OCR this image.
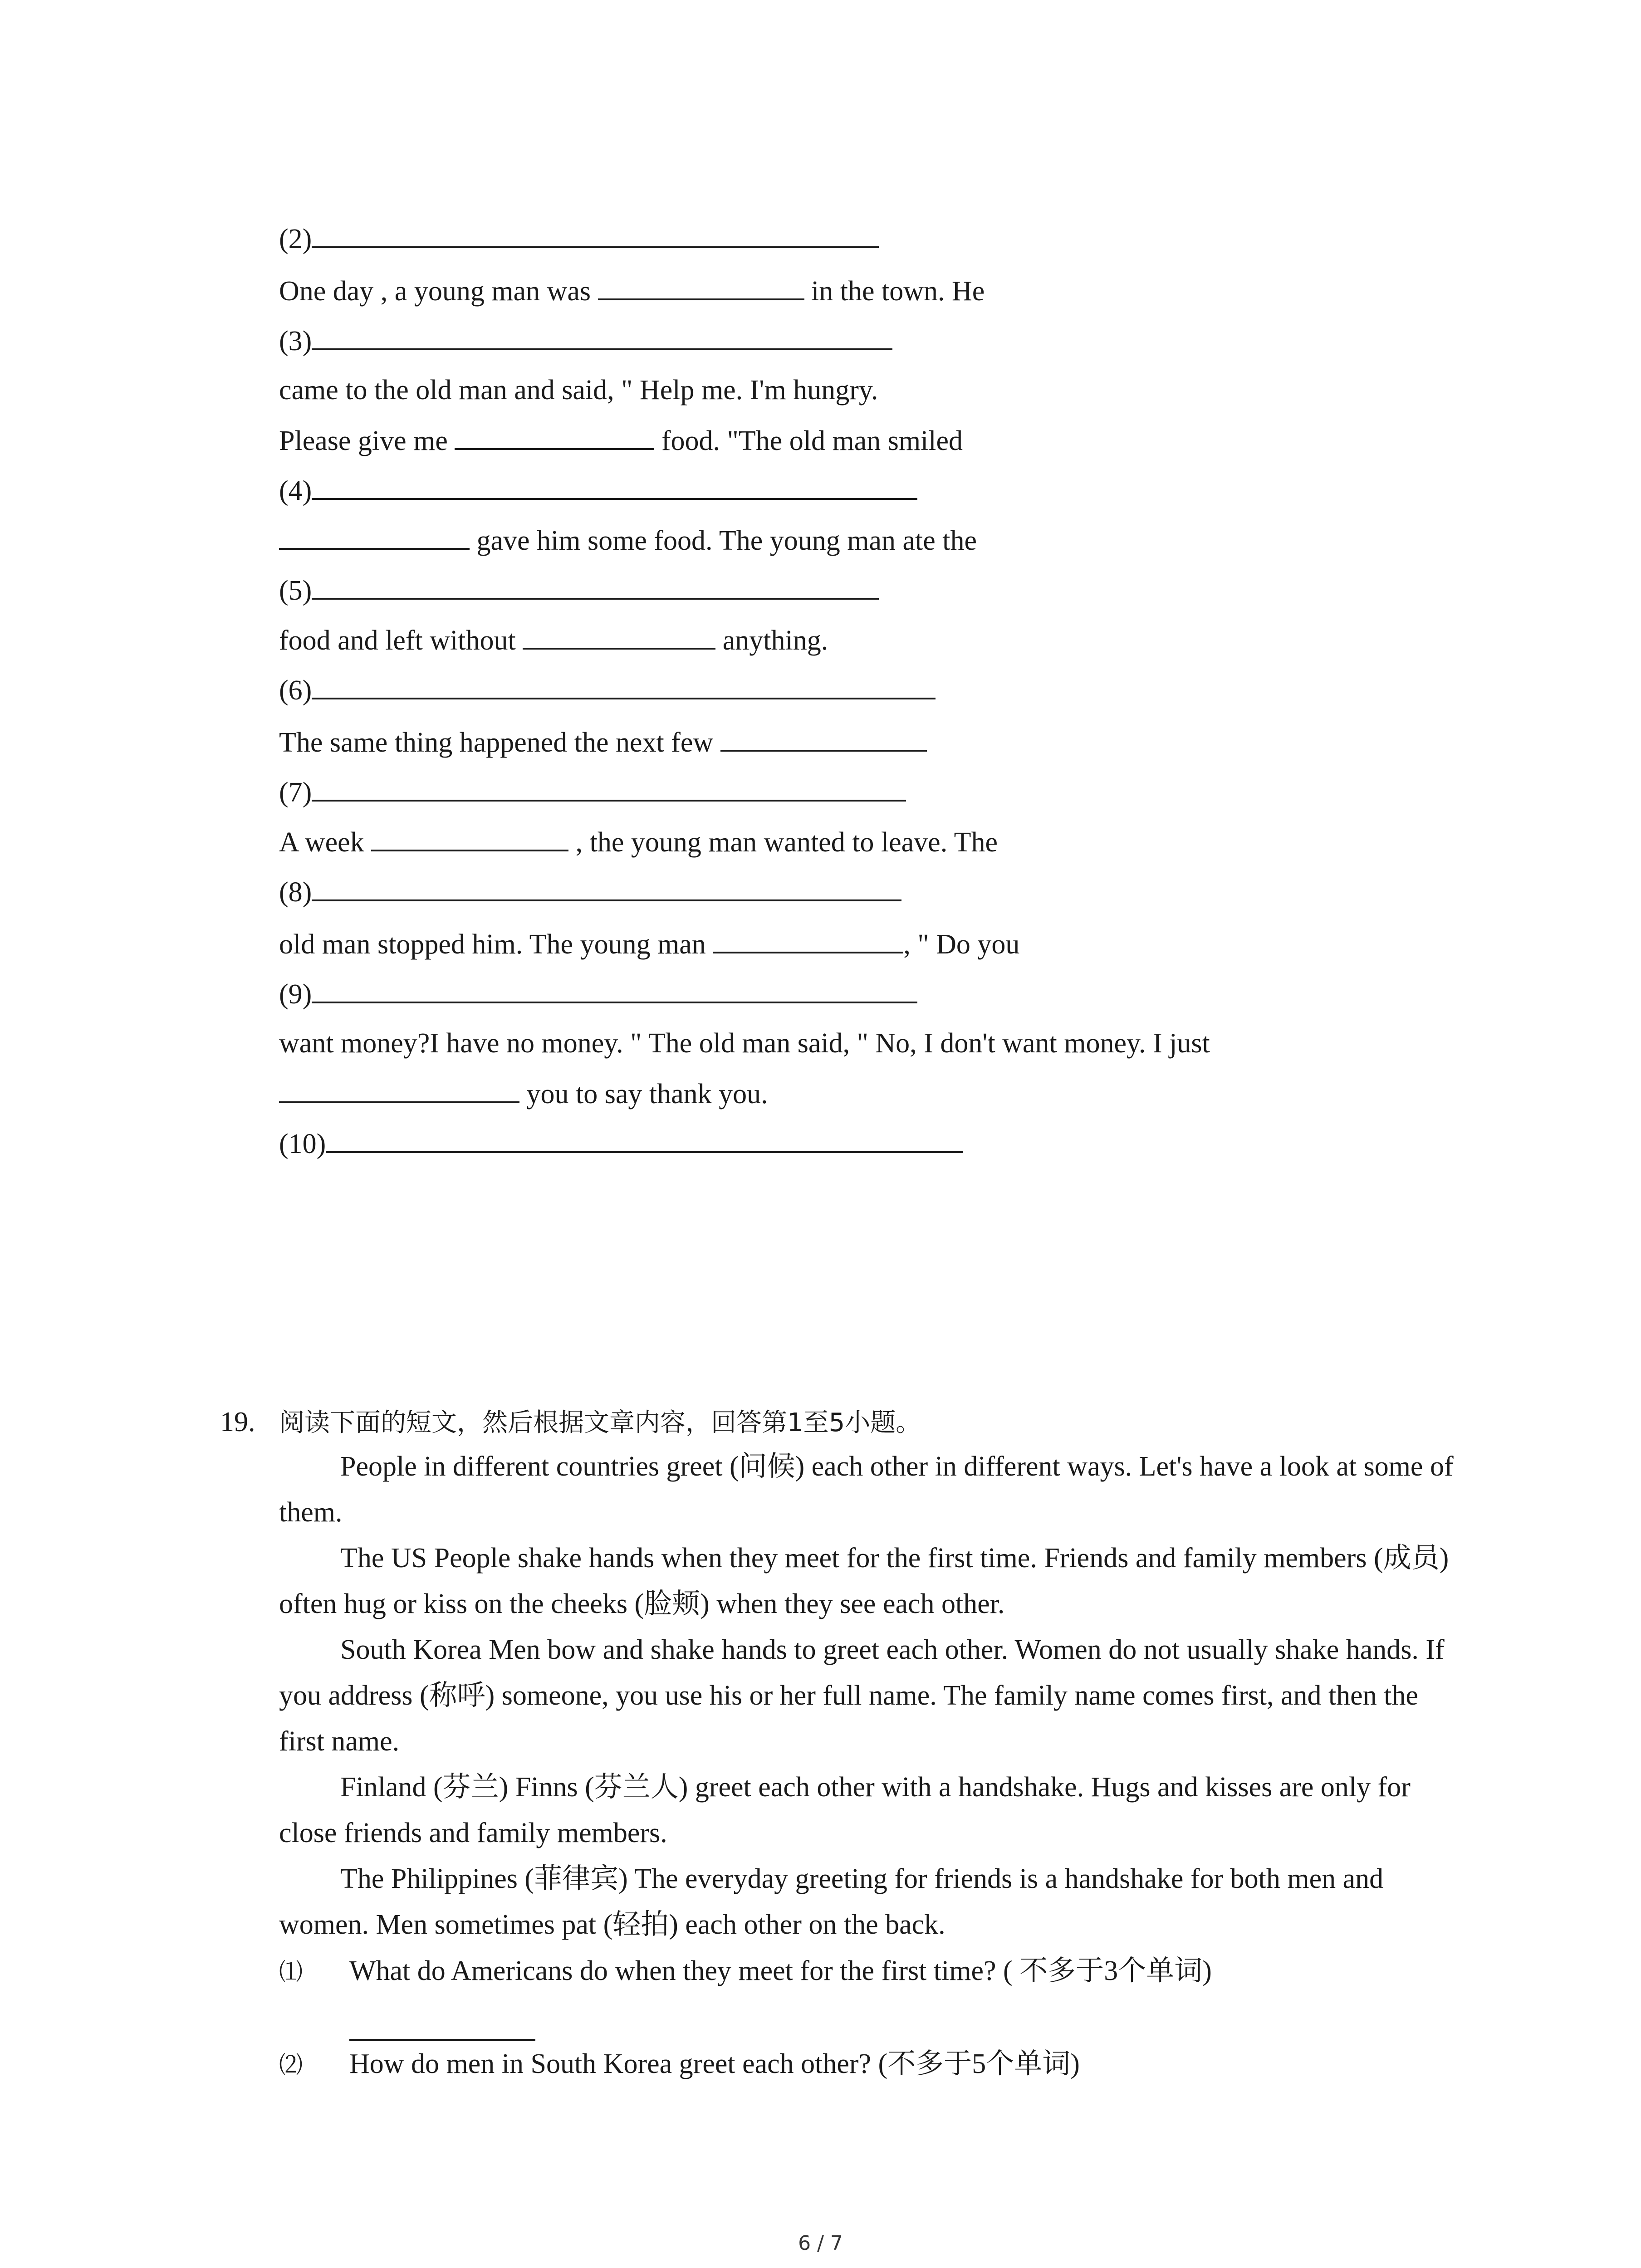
(2)
One day , a young man was	in the town. He
(3)
came to the old man and said, " Help me. I'm hungry.
Please give me	food. "The old man smiled
(4)
gave him some food. The young man ate the
(5)
food and left without	anything.
(6)
The same thing happened the next few
(7)
A week	, the young man wanted to leave. The
(8)
old man stopped him. The young man	, " Do you
(9)
want money?I have no money. " The old man said, " No, I don't want money. I just
you to say thank you.
(10)
19. 阅读下面的短文，然后根据文章内容，回答第1至5小题。
People in different countries greet (问候) each other in different ways. Let's have a look at some of them.
The US People shake hands when they meet for the first time. Friends and family members (成员) often hug or kiss on the cheeks (脸颊) when they see each other.
South Korea Men bow and shake hands to greet each other. Women do not usually shake hands. If you address (称呼) someone, you use his or her full name. The family name comes first, and then the first name.
Finland (芬兰) Finns (芬兰人) greet each other with a handshake. Hugs and kisses are only for close friends and family members.
The Philippines (菲律宾) The everyday greeting for friends is a handshake for both men and women. Men sometimes pat (轻拍) each other on the back.
⑴ What do Americans do when they meet for the first time? ( 不多于3个单词)
⑵ How do men in South Korea greet each other? (不多于5个单词)
6 / 7
